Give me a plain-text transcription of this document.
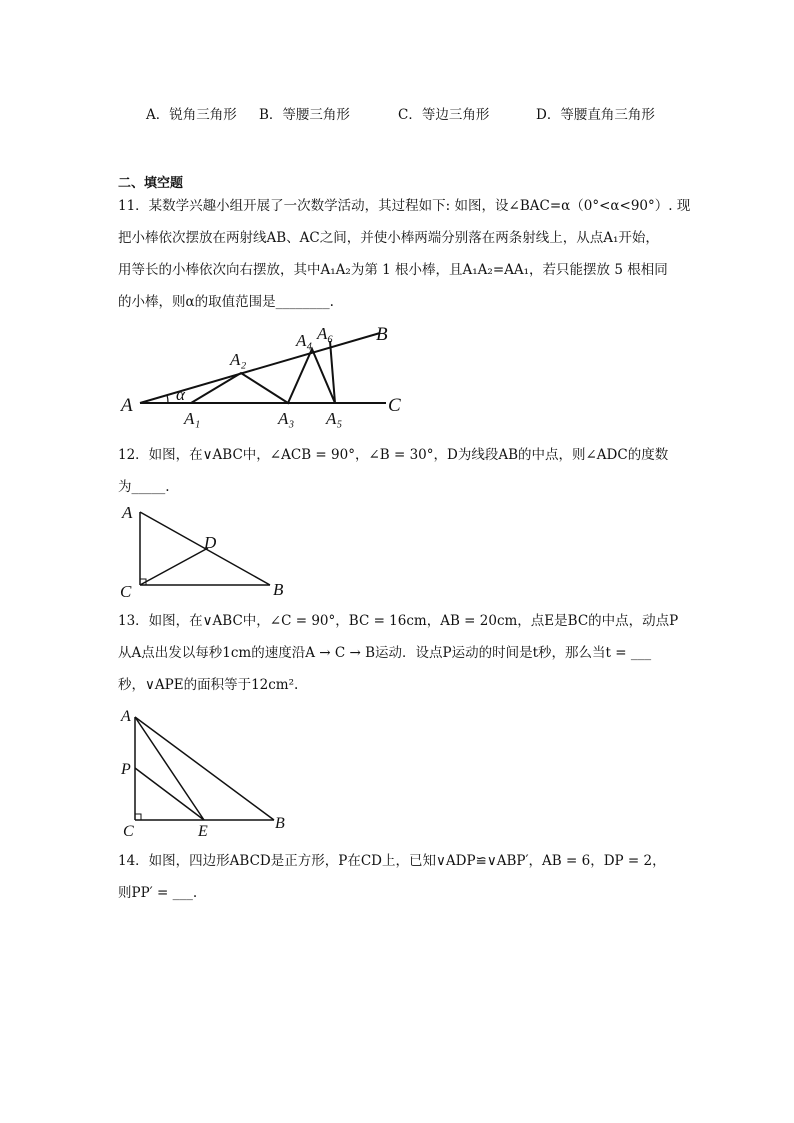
A．锐角三角形 B．等腰三角形	C．等边三角形	D．等腰直角三角形
二、填空题
11．某数学兴趣小组开展了一次数学活动，其过程如下: 如图，设∠BAC=α（0°<α<90°）. 现
把小棒依次摆放在两射线AB、AC之间，并使小棒两端分别落在两条射线上，从点A₁开始，
用等长的小棒依次向右摆放，其中A₁A₂为第 1 根小棒，且A₁A₂=AA₁，若只能摆放 5 根相同
的小棒，则α的取值范围是________.
A
B
C
α
A₁
A₂
A₃
A₄ A₆
A₅
12．如图，在∨ABC中，∠ACB = 90°，∠B = 30°，D为线段AB的中点，则∠ADC的度数
为_____.
A
C	B
D
13．如图，在∨ABC中，∠C = 90°，BC = 16cm，AB = 20cm，点E是BC的中点，动点P
从A点出发以每秒1cm的速度沿A → C → B运动．设点P运动的时间是t秒，那么当t = ___
秒，∨APE的面积等于12cm².
A
P
C	E	B
14．如图，四边形ABCD是正方形，P在CD上，已知∨ADP≌∨ABP′，AB = 6，DP = 2，
则PP′ = ___.
